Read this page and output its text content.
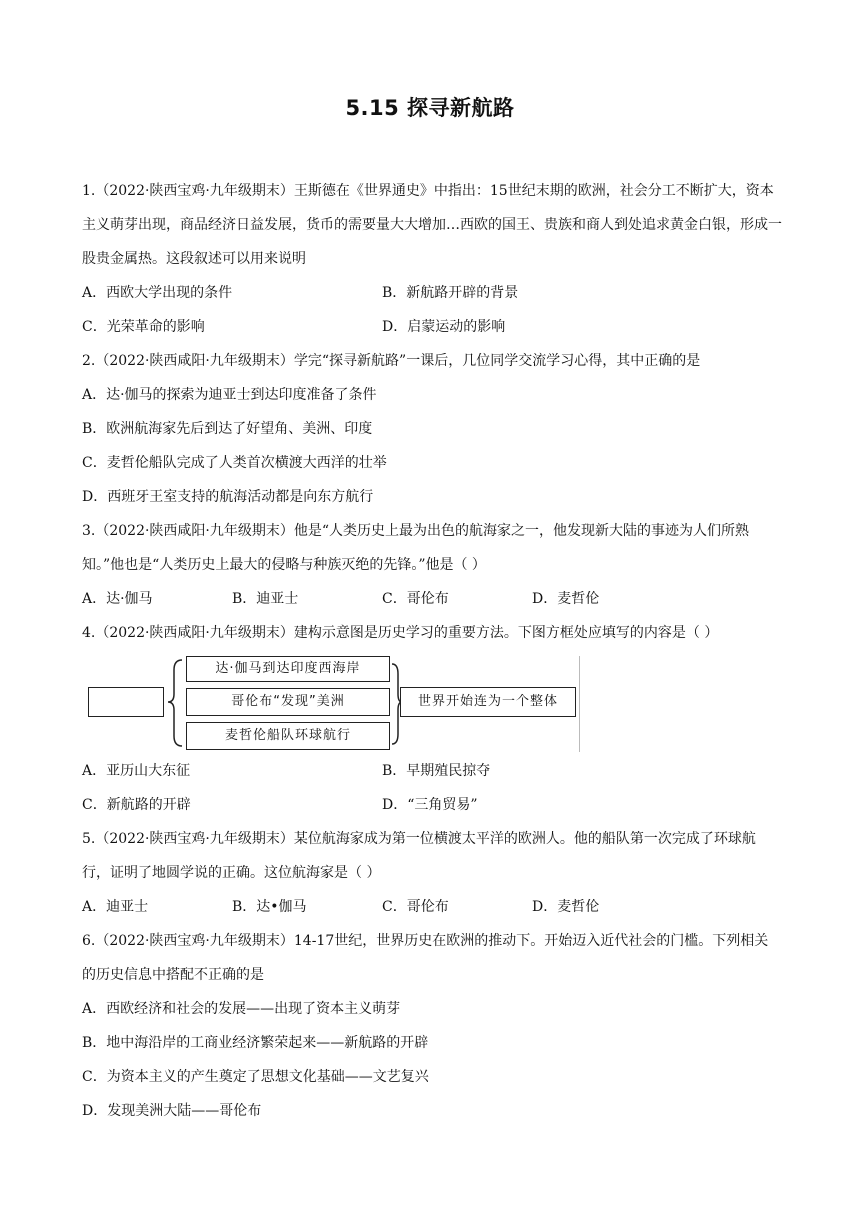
5.15 探寻新航路

1.（2022·陕西宝鸡·九年级期末）王斯德在《世界通史》中指出：15世纪末期的欧洲，社会分工不断扩大，资本主义萌芽出现，商品经济日益发展，货币的需要量大大增加…西欧的国王、贵族和商人到处追求黄金白银，形成一股贵金属热。这段叙述可以用来说明

A．西欧大学出现的条件	B．新航路开辟的背景
C．光荣革命的影响	D．启蒙运动的影响

2.（2022·陕西咸阳·九年级期末）学完“探寻新航路”一课后，几位同学交流学习心得，其中正确的是

A．达·伽马的探索为迪亚士到达印度准备了条件
B．欧洲航海家先后到达了好望角、美洲、印度
C．麦哲伦船队完成了人类首次横渡大西洋的壮举
D．西班牙王室支持的航海活动都是向东方航行

3.（2022·陕西咸阳·九年级期末）他是“人类历史上最为出色的航海家之一，他发现新大陆的事迹为人们所熟知。”他也是“人类历史上最大的侵略与种族灭绝的先锋。”他是（ ）

A．达·伽马	B．迪亚士	C．哥伦布	D．麦哲伦

4.（2022·陕西咸阳·九年级期末）建构示意图是历史学习的重要方法。下图方框处应填写的内容是（ ）

达·伽马到达印度西海岸
哥伦布“发现”美洲
麦哲伦船队环球航行
世界开始连为一个整体
A．亚历山大东征	B．早期殖民掠夺
C．新航路的开辟	D．“三角贸易”

5.（2022·陕西宝鸡·九年级期末）某位航海家成为第一位横渡太平洋的欧洲人。他的船队第一次完成了环球航行，证明了地圆学说的正确。这位航海家是（ ）

A．迪亚士	B．达•伽马	C．哥伦布	D．麦哲伦

6.（2022·陕西宝鸡·九年级期末）14-17世纪，世界历史在欧洲的推动下。开始迈入近代社会的门槛。下列相关的历史信息中搭配不正确的是

A．西欧经济和社会的发展——出现了资本主义萌芽
B．地中海沿岸的工商业经济繁荣起来——新航路的开辟
C．为资本主义的产生奠定了思想文化基础——文艺复兴
D．发现美洲大陆——哥伦布
